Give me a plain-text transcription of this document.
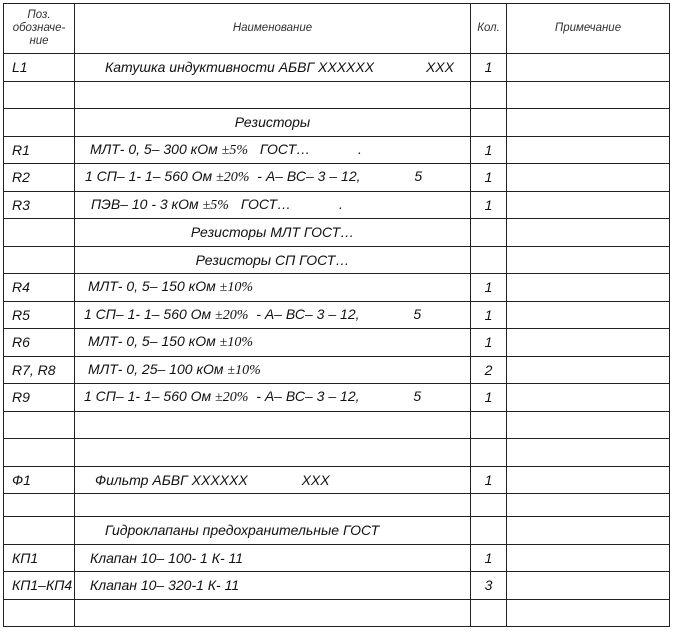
Поз.
обозначе-
ние	Наименование	Кол.	Примечание
L1	Катушка индуктивности АБВГ XXXXXX XXX	1	

	Резисторы		
R1	МЛТ- 0, 5– 300 кОм ±5% ГОСТ… .	1	
R2	1 СП– 1- 1– 560 Ом ±20% - А– ВС– 3 – 12, 5	1	
R3	ПЭВ– 10 - 3 кОм ±5% ГОСТ… .	1	
	Резисторы МЛТ ГОСТ…		
	Резисторы СП ГОСТ…		
R4	МЛТ- 0, 5– 150 кОм ±10%	1	
R5	1 СП– 1- 1– 560 Ом ±20% - А– ВС– 3 – 12, 5	1	
R6	МЛТ- 0, 5– 150 кОм ±10%	1	
R7, R8	МЛТ- 0, 25– 100 кОм ±10%	2	
R9	1 СП– 1- 1– 560 Ом ±20% - А– ВС– 3 – 12, 5	1	

Ф1	Фильтр АБВГ XXXXXX XXX	1	

	Гидроклапаны предохранительные ГОСТ		
КП1	Клапан 10– 100- 1 К- 11	1	
КП1–КП4	Клапан 10– 320-1 К- 11	3	
